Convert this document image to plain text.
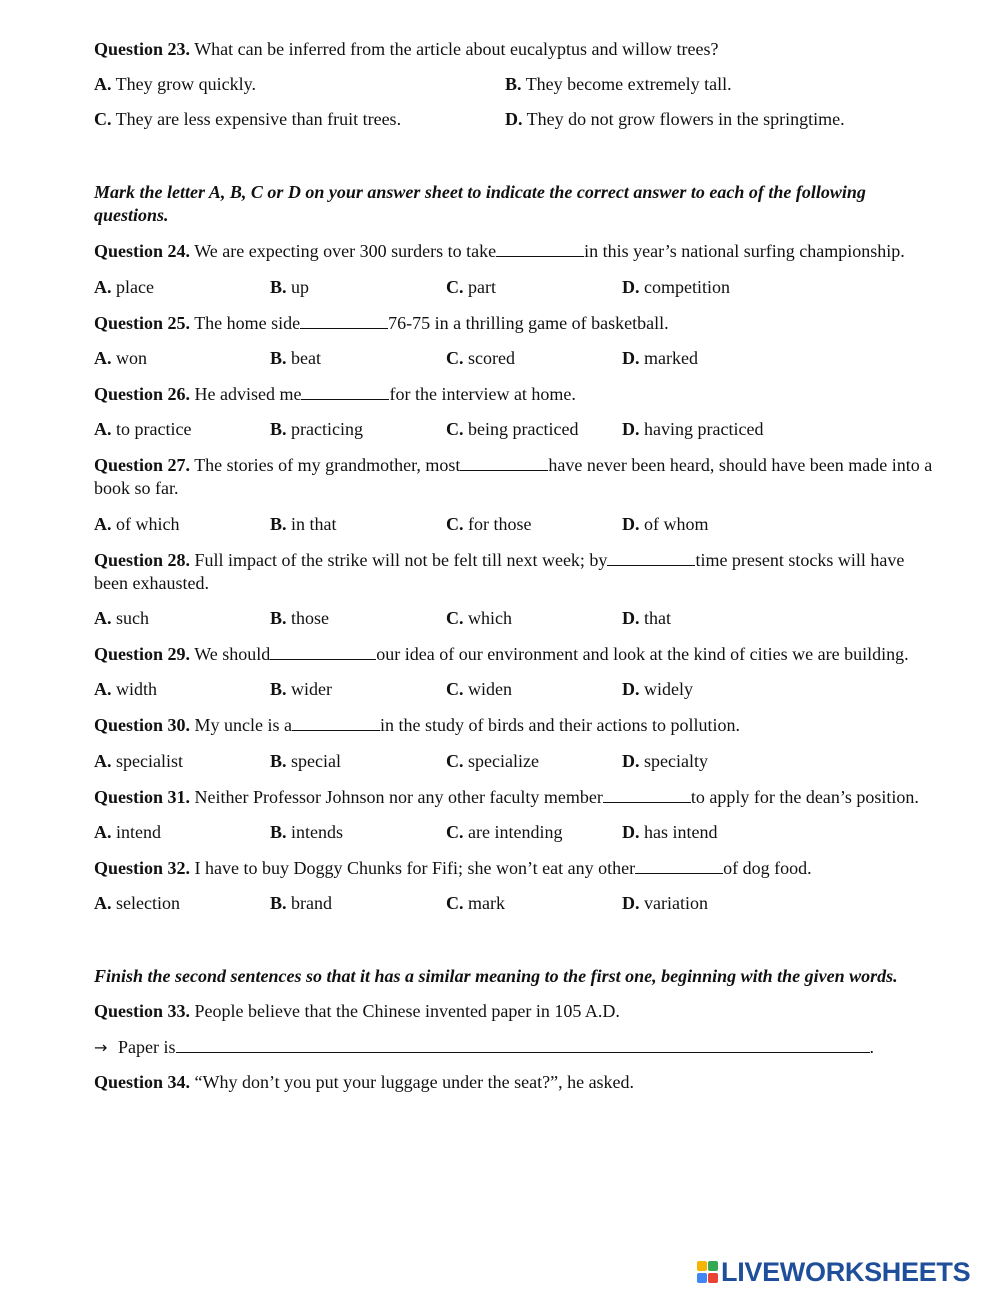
Question 23. What can be inferred from the article about eucalyptus and willow trees?

A. They grow quickly.	B. They become extremely tall.
C. They are less expensive than fruit trees.	D. They do not grow flowers in the springtime.

Mark the letter A, B, C or D on your answer sheet to indicate the correct answer to each of the following questions.

Question 24. We are expecting over 300 surders to take	in this year’s national surfing championship.

A. place	B. up	C. part	D. competition

Question 25. The home side	76-75 in a thrilling game of basketball.

A. won	B. beat	C. scored	D. marked

Question 26. He advised me	for the interview at home.

A. to practice	B. practicing	C. being practiced	D. having practiced

Question 27. The stories of my grandmother, most	have never been heard, should have been made into a book so far.

A. of which	B. in that	C. for those	D. of whom

Question 28. Full impact of the strike will not be felt till next week; by	time present stocks will have been exhausted.

A. such	B. those	C. which	D. that

Question 29. We should	our idea of our environment and look at the kind of cities we are building.

A. width	B. wider	C. widen	D. widely

Question 30. My uncle is a	in the study of birds and their actions to pollution.

A. specialist	B. special	C. specialize	D. specialty

Question 31. Neither Professor Johnson nor any other faculty member	to apply for the dean’s position.

A. intend	B. intends	C. are intending	D. has intend

Question 32. I have to buy Doggy Chunks for Fifi; she won’t eat any other	of dog food.

A. selection	B. brand	C. mark	D. variation

Finish the second sentences so that it has a similar meaning to the first one, beginning with the given words.

Question 33. People believe that the Chinese invented paper in 105 A.D.

→ Paper is	.

Question 34. “Why don’t you put your luggage under the seat?”, he asked.

LIVEWORKSHEETS
